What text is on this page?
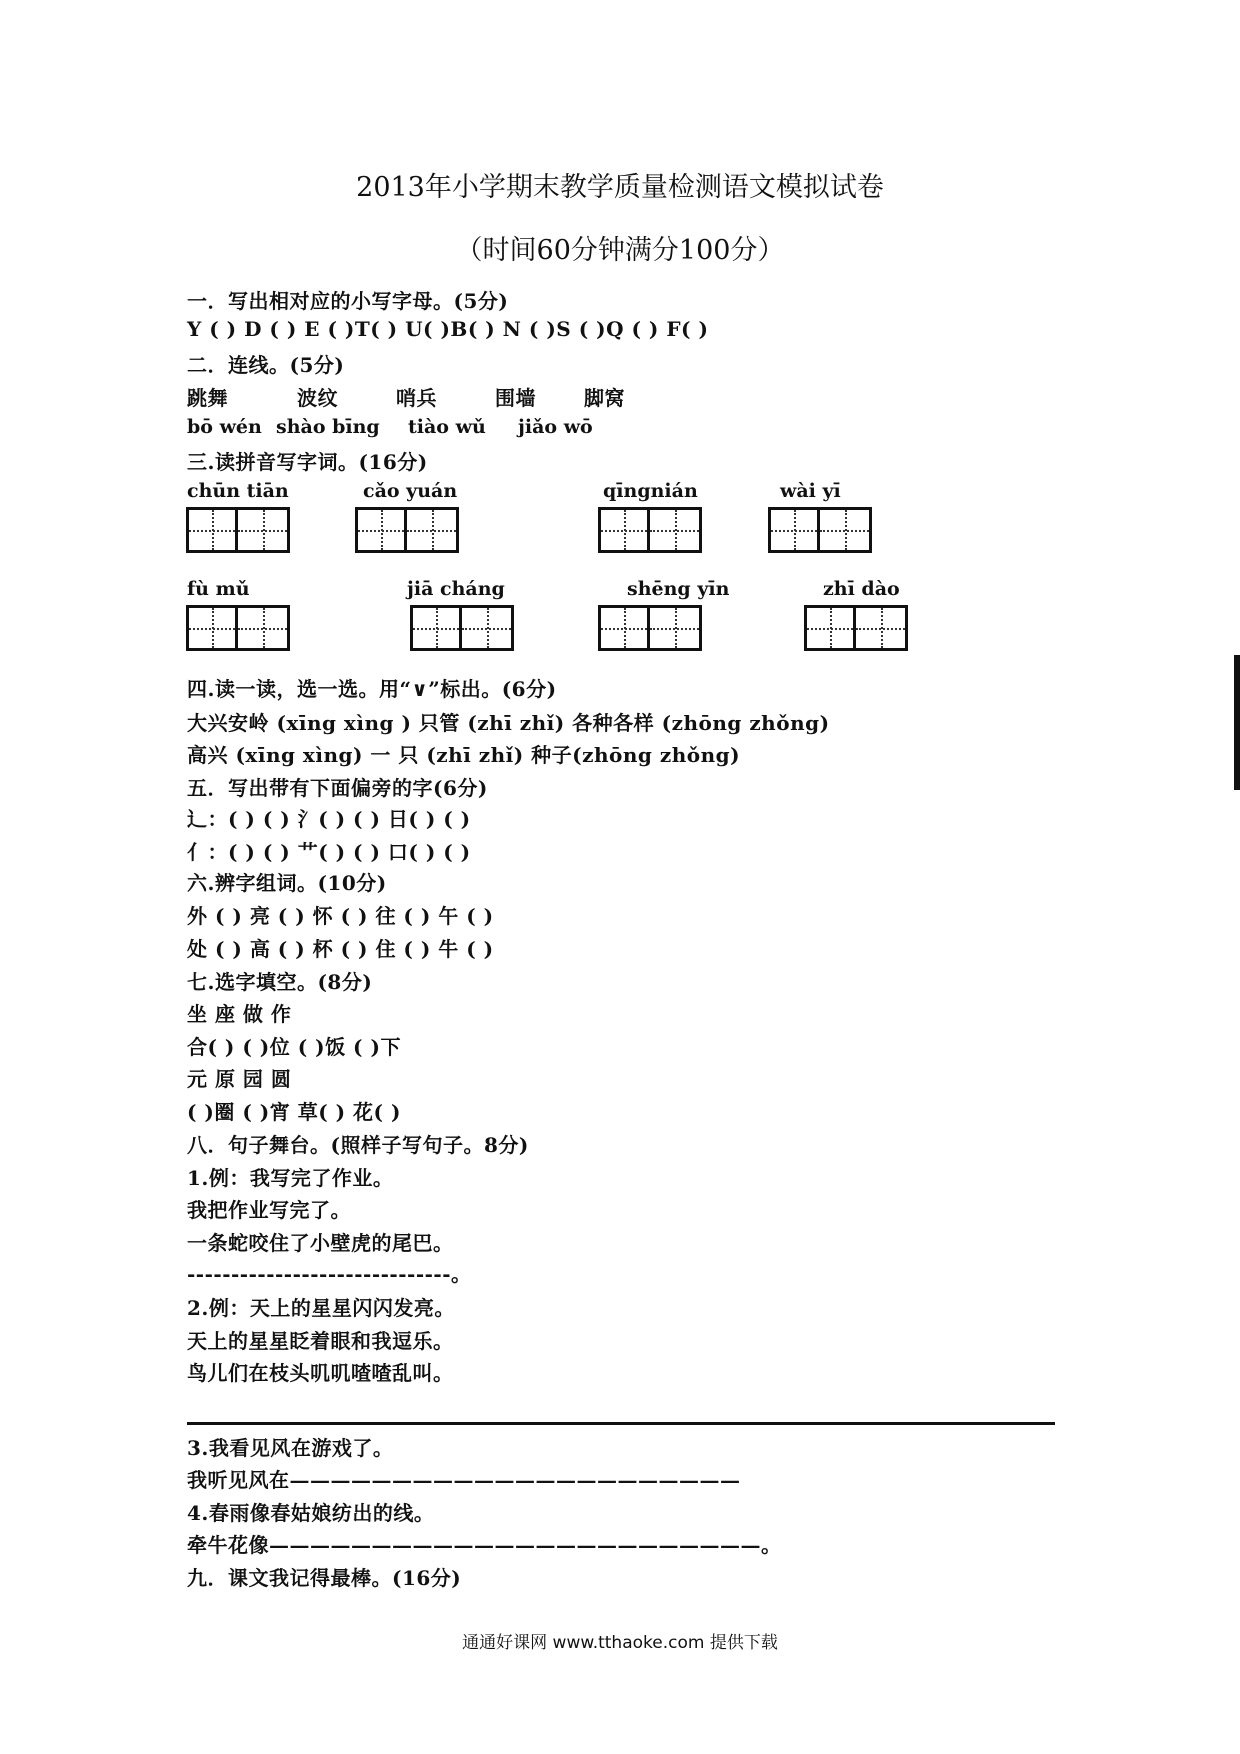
2013年小学期末教学质量检测语文模拟试卷
（时间60分钟满分100分）
一．写出相对应的小写字母。(5分)
Y ( ) D ( ) E ( )T( ) U( )B( ) N ( )S ( )Q ( ) F( )
二．连线。(5分)
跳舞	波纹	哨兵	围墙 脚窝
bō wén shào bīng tiào wǔ jiǎo wō
三.读拼音写字词。(16分)
chūn tiān	cǎo yuán	qīngnián	wài yī
fù mǔ	jiā cháng	shēng yīn	zhī dào
四.读一读，选一选。用“∨”标出。(6分)
大兴安岭 (xīng xìng ) 只管 (zhī zhǐ) 各种各样 (zhōng zhǒng)
高兴 (xīng xìng) 一 只 (zhī zhǐ) 种子(zhōng zhǒng)
五．写出带有下面偏旁的字(6分)
辶：( ) ( ) 氵( ) ( ) 日( ) ( )
亻：( ) ( ) 艹( ) ( ) 口( ) ( )
六.辨字组词。(10分)
外 ( ) 亮 ( ) 怀 ( ) 往 ( ) 午 ( )
处 ( ) 高 ( ) 杯 ( ) 住 ( ) 牛 ( )
七.选字填空。(8分)
坐 座 做 作
合( ) ( )位 ( )饭 ( )下
元 原 园 圆
( )圈 ( )宵 草( ) 花( )
八．句子舞台。(照样子写句子。8分)
1.例：我写完了作业。
我把作业写完了。
一条蛇咬住了小壁虎的尾巴。
------------------------------。
2.例：天上的星星闪闪发亮。
天上的星星眨着眼和我逗乐。
鸟儿们在枝头叽叽喳喳乱叫。
3.我看见风在游戏了。
我听见风在——————————————————————
4.春雨像春姑娘纺出的线。
牵牛花像————————————————————————。
九．课文我记得最棒。(16分)
通通好课网 www.tthaoke.com 提供下载
